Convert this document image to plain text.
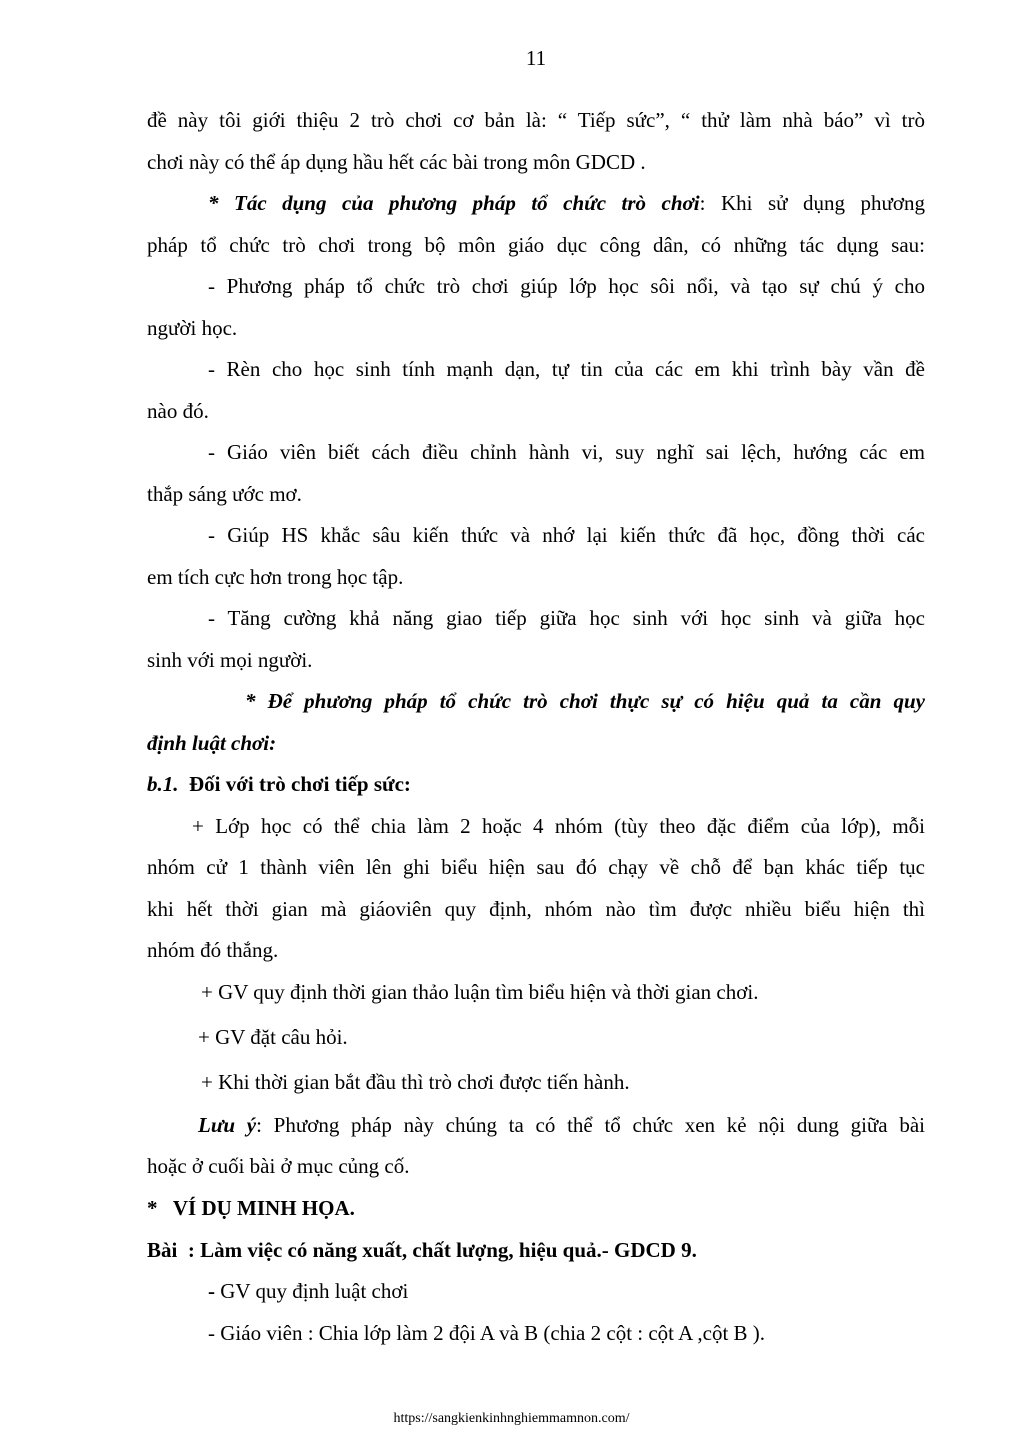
11
đề này tôi giới thiệu 2 trò chơi cơ bản là: “ Tiếp sức”, “ thử làm nhà báo” vì trò
chơi này có thể áp dụng hầu hết các bài trong môn GDCD .
* Tác dụng của phương pháp tổ chức trò chơi: Khi sử dụng phương
pháp tổ chức trò chơi trong bộ môn giáo dục công dân, có những tác dụng sau:
- Phương pháp tổ chức trò chơi giúp lớp học sôi nổi, và tạo sự chú ý cho
người học.
- Rèn cho học sinh tính mạnh dạn, tự tin của các em khi trình bày vần đề
nào đó.
- Giáo viên biết cách điều chỉnh hành vi, suy nghĩ sai lệch, hướng các em
thắp sáng ước mơ.
- Giúp HS khắc sâu kiến thức và nhớ lại kiến thức đã học, đồng thời các
em tích cực hơn trong học tập.
- Tăng cường khả năng giao tiếp giữa học sinh với học sinh và giữa học
sinh với mọi người.
* Để phương pháp tổ chức trò chơi thực sự có hiệu quả ta cần quy
định luật chơi:
b.1. Đối với trò chơi tiếp sức:
+ Lớp học có thể chia làm 2 hoặc 4 nhóm (tùy theo đặc điểm của lớp), mỗi
nhóm cử 1 thành viên lên ghi biểu hiện sau đó chạy về chỗ để bạn khác tiếp tục
khi hết thời gian mà giáoviên quy định, nhóm nào tìm được nhiều biểu hiện thì
nhóm đó thắng.
+ GV quy định thời gian thảo luận tìm biểu hiện và thời gian chơi.
+ GV đặt câu hỏi.
+ Khi thời gian bắt đầu thì trò chơi được tiến hành.
Lưu ý: Phương pháp này chúng ta có thể tổ chức xen kẻ nội dung giữa bài
hoặc ở cuối bài ở mục củng cố.
*   VÍ DỤ MINH HỌA.
Bài  : Làm việc có năng xuất, chất lượng, hiệu quả.- GDCD 9.
- GV quy định luật chơi
- Giáo viên : Chia lớp làm 2 đội A và B (chia 2 cột : cột A ,cột B ).
https://sangkienkinhnghiemmamnon.com/
